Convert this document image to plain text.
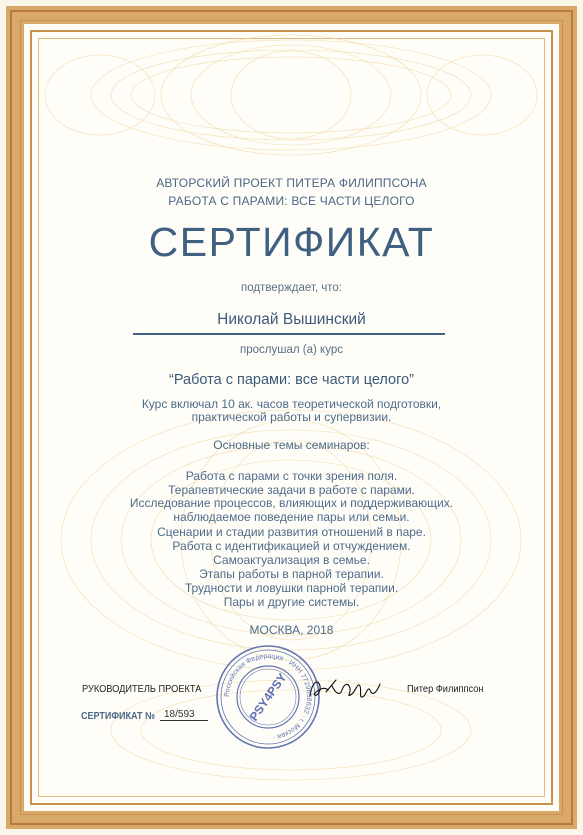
АВТОРСКИЙ ПРОЕКТ ПИТЕРА ФИЛИППСОНА
РАБОТА С ПАРАМИ: ВСЕ ЧАСТИ ЦЕЛОГО
СЕРТИФИКАТ
подтверждает, что:
Николай Вышинский
прослушал (а) курс
“Работа с парами: все части целого”
Курс включал 10 ак. часов теоретической подготовки,
практической работы и супервизии.
Основные темы семинаров:
Работа с парами с точки зрения поля.
Терапевтические задачи в работе с парами.
Исследование процессов, влияющих и поддерживающих.
наблюдаемое поведение пары или семьи.
Сценарии и стадии развития отношений в паре.
Работа с идентификацией и отчуждением.
Самоактуализация в семье.
Этапы работы в парной терапии.
Трудности и ловушки парной терапии.
Пары и другие системы.
МОСКВА, 2018
РУКОВОДИТЕЛЬ ПРОЕКТА	Питер Филиппсон
СЕРТИФИКАТ № 18/593
Российская Федерация · ИНН 7729658632 · г. Москва ·
PSY4PSY
